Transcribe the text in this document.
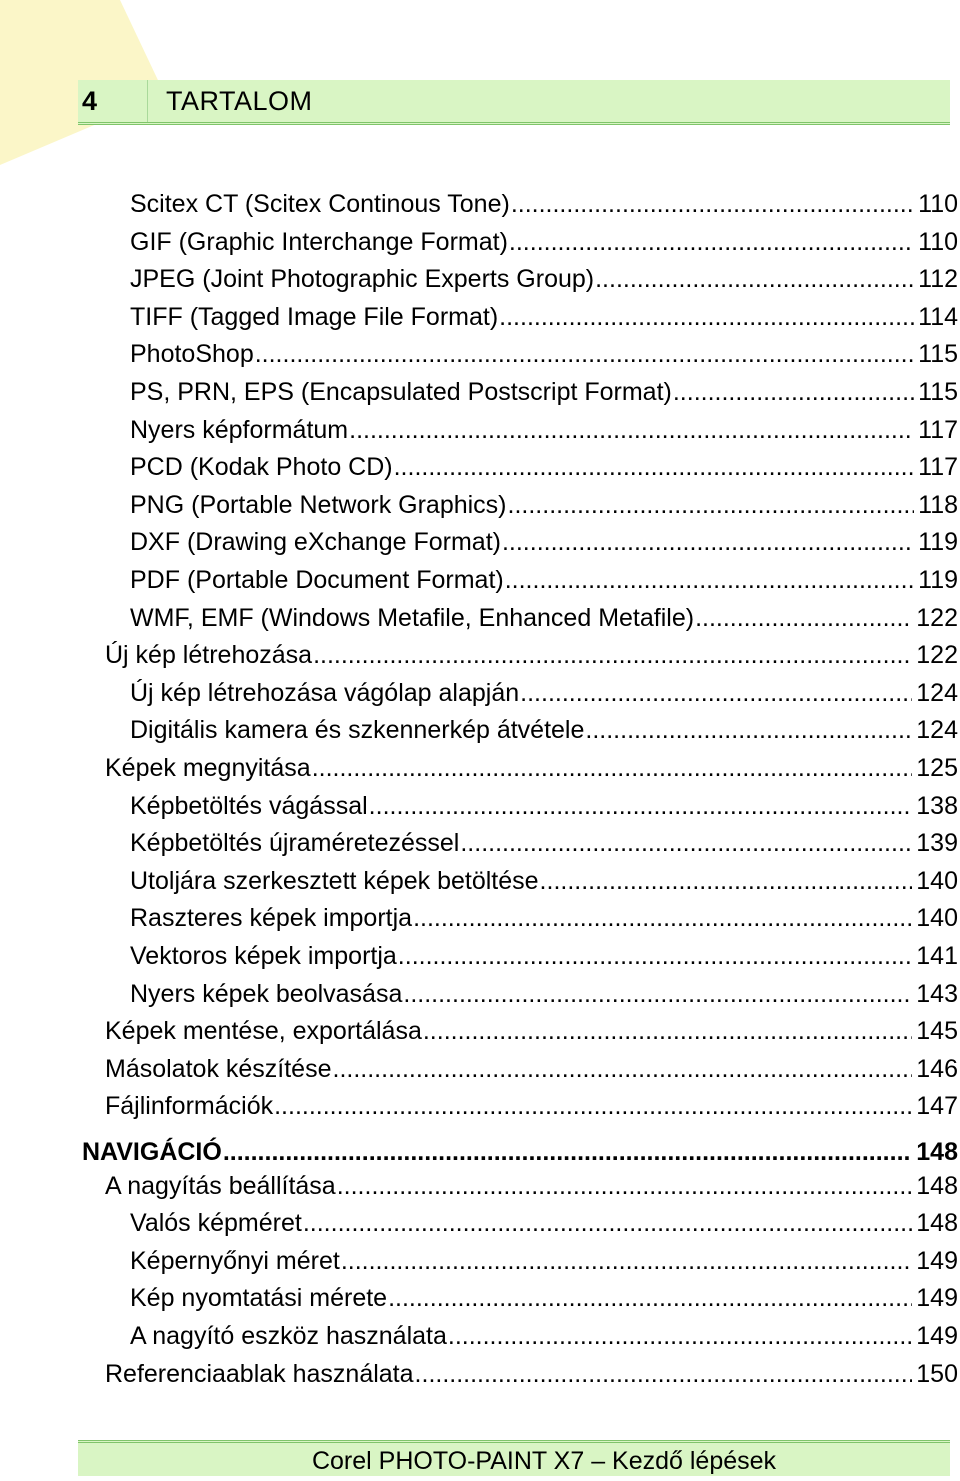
4	TARTALOM
Scitex CT (Scitex Continous Tone) .....	110
GIF (Graphic Interchange Format) .....	110
JPEG (Joint Photographic Experts Group) .....	112
TIFF (Tagged Image File Format) .....	114
PhotoShop .....	115
PS, PRN, EPS (Encapsulated Postscript Format) .....	115
Nyers képformátum .....	117
PCD (Kodak Photo CD) .....	117
PNG (Portable Network Graphics) .....	118
DXF (Drawing eXchange Format) .....	119
PDF (Portable Document Format) .....	119
WMF, EMF (Windows Metafile, Enhanced Metafile) .....	122
Új kép létrehozása .....	122
Új kép létrehozása vágólap alapján .....	124
Digitális kamera és szkennerkép átvétele .....	124
Képek megnyitása .....	125
Képbetöltés vágással .....	138
Képbetöltés újraméretezéssel .....	139
Utoljára szerkesztett képek betöltése .....	140
Raszteres képek importja .....	140
Vektoros képek importja .....	141
Nyers képek beolvasása .....	143
Képek mentése, exportálása .....	145
Másolatok készítése .....	146
Fájlinformációk .....	147
NAVIGÁCIÓ .....	148
A nagyítás beállítása .....	148
Valós képméret .....	148
Képernyőnyi méret .....	149
Kép nyomtatási mérete .....	149
A nagyító eszköz használata .....	149
Referenciaablak használata .....	150
Corel PHOTO-PAINT X7 – Kezdő lépések
